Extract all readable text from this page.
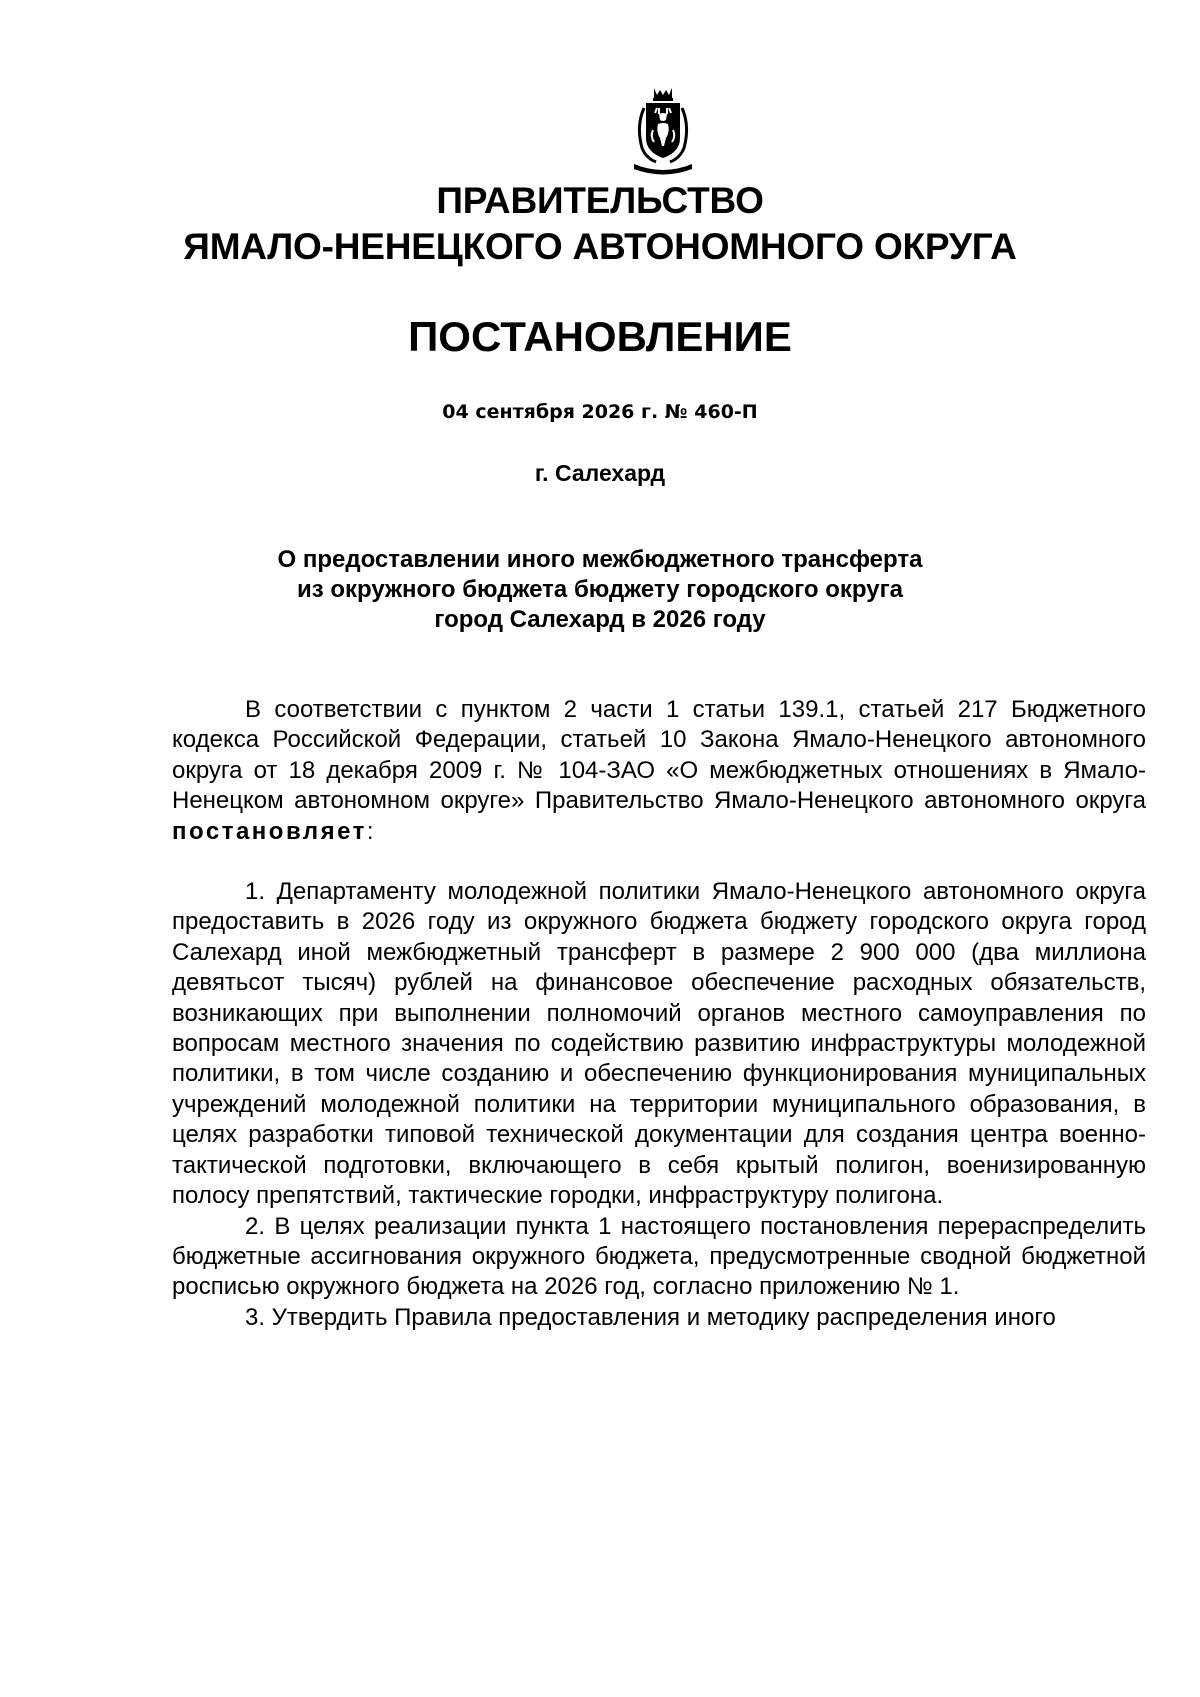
ПРАВИТЕЛЬСТВО
ЯМАЛО-НЕНЕЦКОГО АВТОНОМНОГО ОКРУГА
ПОСТАНОВЛЕНИЕ
04 сентября 2026 г. № 460-П
г. Салехард
О предоставлении иного межбюджетного трансферта
из окружного бюджета бюджету городского округа
город Салехард в 2026 году

В соответствии с пунктом 2 части 1 статьи 139.1, статьей 217 Бюджетного кодекса Российской Федерации, статьей 10 Закона Ямало-Ненецкого автономного округа от 18 декабря 2009 г. № 104-ЗАО «О межбюджетных отношениях в Ямало-Ненецком автономном округе» Правительство Ямало-Ненецкого автономного округа постановляет:

1. Департаменту молодежной политики Ямало-Ненецкого автономного округа предоставить в 2026 году из окружного бюджета бюджету городского округа город Салехард иной межбюджетный трансферт в размере 2 900 000 (два миллиона девятьсот тысяч) рублей на финансовое обеспечение расходных обязательств, возникающих при выполнении полномочий органов местного самоуправления по вопросам местного значения по содействию развитию инфраструктуры молодежной политики, в том числе созданию и обеспечению функционирования муниципальных учреждений молодежной политики на территории муниципального образования, в целях разработки типовой технической документации для создания центра военно-тактической подготовки, включающего в себя крытый полигон, военизированную полосу препятствий, тактические городки, инфраструктуру полигона.

2. В целях реализации пункта 1 настоящего постановления перераспределить бюджетные ассигнования окружного бюджета, предусмотренные сводной бюджетной росписью окружного бюджета на 2026 год, согласно приложению № 1.

3. Утвердить Правила предоставления и методику распределения иного
